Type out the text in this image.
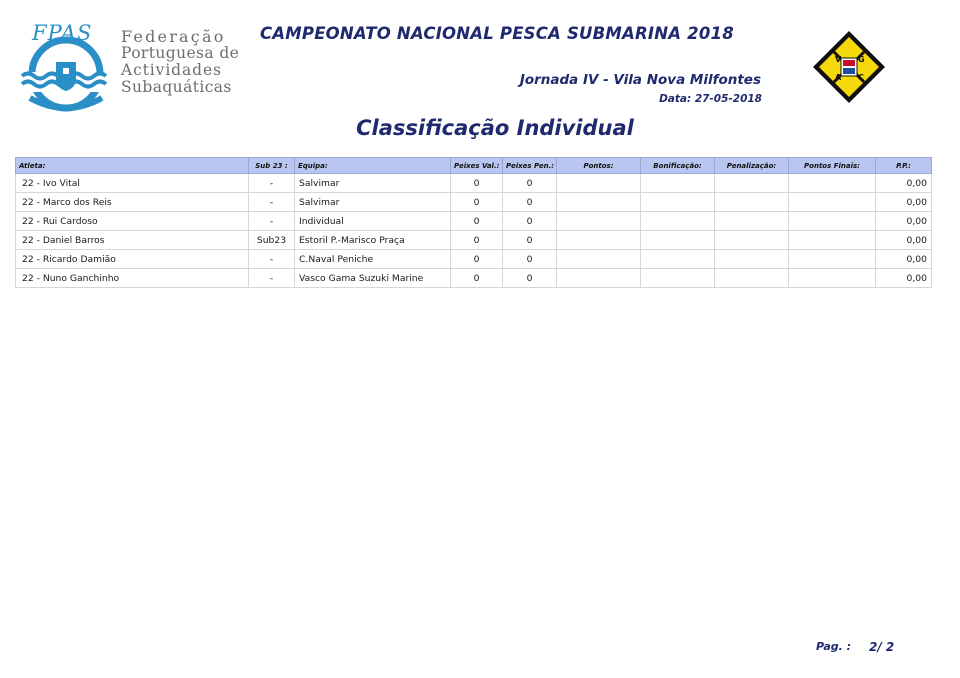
FPAS Federação
Portuguesa de
Actividades
Subaquáticas
CAMPEONATO NACIONAL PESCA SUBMARINA 2018
Jornada IV - Vila Nova Milfontes
Data: 27-05-2018
Classificação Individual
V G
A C
Atleta:	Sub 23 :	Equipa:	Peixes Val.:	Peixes Pen.:	Pontos:	Bonificação:	Penalização:	Pontos Finais:	P.P.:
22 - Ivo Vital	-	Salvimar	0	0					0,00
22 - Marco dos Reis	-	Salvimar	0	0					0,00
22 - Rui Cardoso	-	Individual	0	0					0,00
22 - Daniel Barros	Sub23	Estoril P.-Marisco Praça	0	0					0,00
22 - Ricardo Damião	-	C.Naval Peniche	0	0					0,00
22 - Nuno Ganchinho	-	Vasco Gama Suzuki Marine	0	0					0,00
Pag. : 2/ 2
